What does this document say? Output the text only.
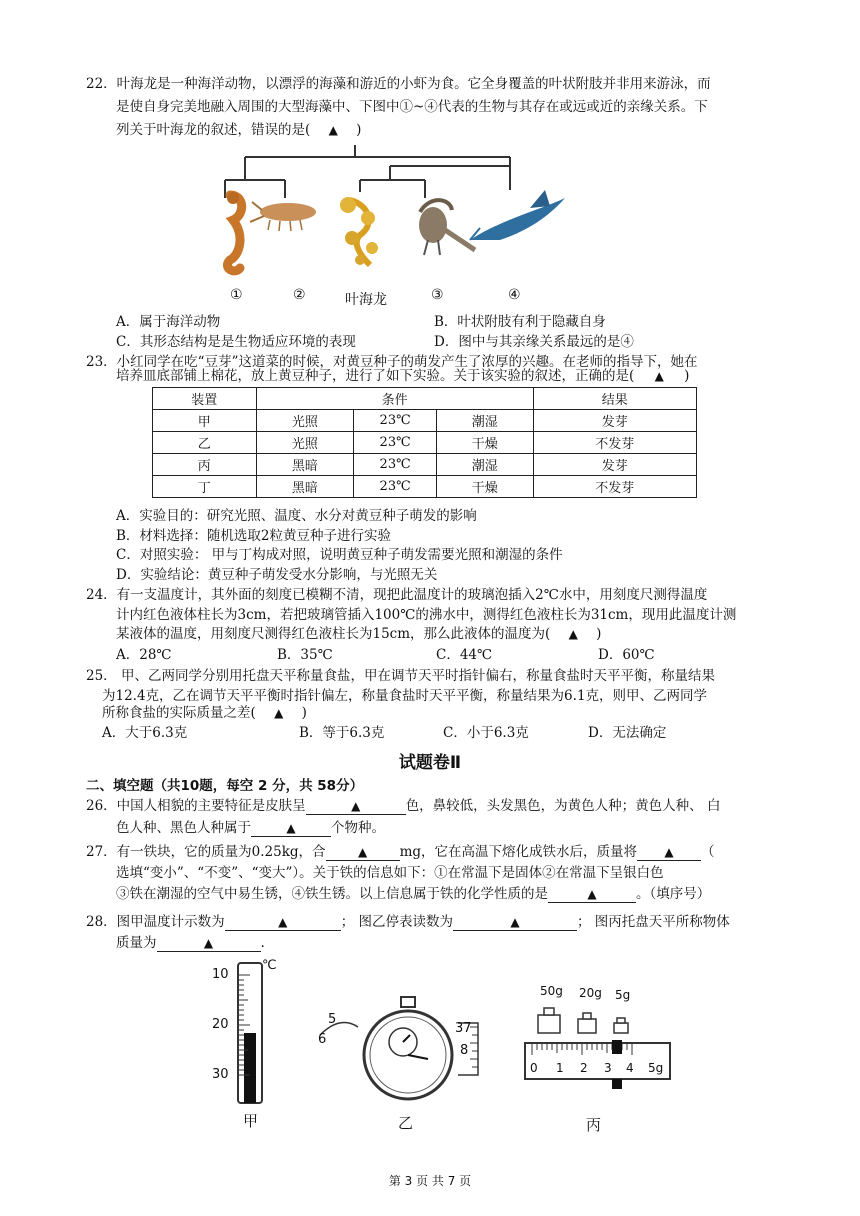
22．叶海龙是一种海洋动物，以漂浮的海藻和游近的小虾为食。它全身覆盖的叶状附肢并非用来游泳，而
是使自身完美地融入周围的大型海藻中、下图中①~④代表的生物与其存在或远或近的亲缘关系。下
列关于叶海龙的叙述，错误的是( ▲ )
①	②	叶海龙	③	④
A．属于海洋动物	B．叶状附肢有利于隐藏自身
C．其形态结构是是生物适应环境的表现	D．图中与其亲缘关系最远的是④
23．小红同学在吃“豆芽”这道菜的时候，对黄豆种子的萌发产生了浓厚的兴趣。在老师的指导下，她在
培养皿底部铺上棉花，放上黄豆种子，进行了如下实验。关于该实验的叙述，正确的是( ▲ )
装置	条件			结果
甲	光照	23℃	潮湿	发芽
乙	光照	23℃	干燥	不发芽
丙	黑暗	23℃	潮湿	发芽
丁	黑暗	23℃	干燥	不发芽
A．实验目的：研究光照、温度、水分对黄豆种子萌发的影响
B．材料选择：随机选取2粒黄豆种子进行实验
C．对照实验： 甲与丁构成对照，说明黄豆种子萌发需要光照和潮湿的条件
D．实验结论：黄豆种子萌发受水分影响，与光照无关
24．有一支温度计，其外面的刻度已模糊不清，现把此温度计的玻璃泡插入2℃水中，用刻度尺测得温度
计内红色液体柱长为3cm，若把玻璃管插入100℃的沸水中，测得红色液柱长为31cm，现用此温度计测
某液体的温度，用刻度尺测得红色液柱长为15cm，那么此液体的温度为( ▲ )
A．28℃	B．35℃	C．44℃	D．60℃
25． 甲、乙两同学分别用托盘天平称量食盐，甲在调节天平时指针偏右，称量食盐时天平平衡，称量结果
为12.4克，乙在调节天平平衡时指针偏左，称量食盐时天平平衡，称量结果为6.1克，则甲、乙两同学
所称食盐的实际质量之差( ▲ )
A．大于6.3克	B．等于6.3克	C．小于6.3克	D．无法确定
试题卷Ⅱ
二、填空题（共10题，每空 2 分，共 58分）
26．中国人相貌的主要特征是皮肤呈	▲	色，鼻较低，头发黑色，为黄色人种；黄色人种、 白
色人种、黑色人种属于	▲	个物种。
27．有一铁块，它的质量为0.25kg，合	▲ mg，它在高温下熔化成铁水后，质量将 ▲ （
选填“变小”、“不变”、“变大”）。关于铁的信息如下：①在常温下是固体②在常温下呈银白色
③铁在潮湿的空气中易生锈，④铁生锈。以上信息属于铁的化学性质的是	▲	。（填序号）
28．图甲温度计示数为	▲	； 图乙停表读数为	▲	； 图丙托盘天平所称物体
质量为	▲	.
℃
10
20
30
甲
5
6
37
8
乙
50g 20g 5g
0 1 2 3 4 5g
丙
第 3 页 共 7 页
